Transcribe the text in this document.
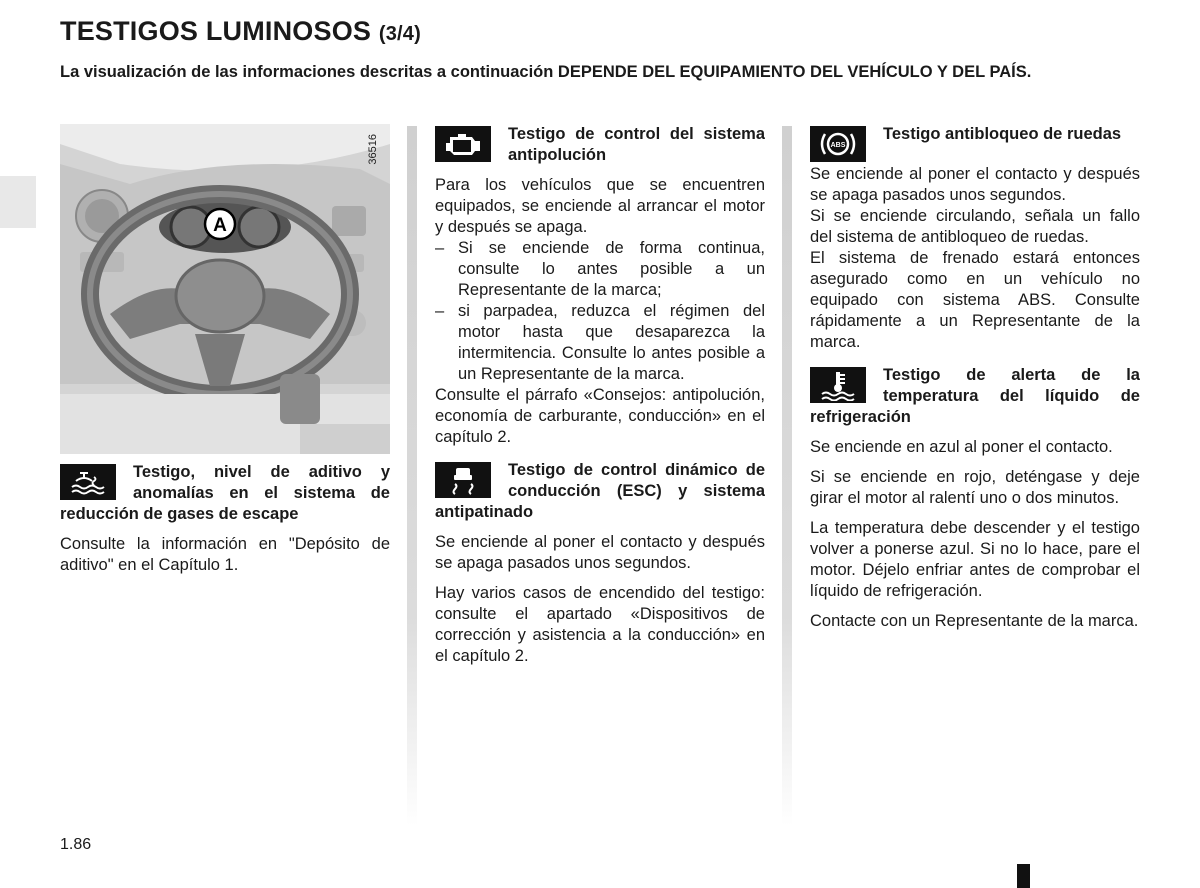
TESTIGOS LUMINOSOS (3/4)

La visualización de las informaciones descritas a continuación DEPENDE DEL EQUIPAMIENTO DEL VEHÍCULO Y DEL PAÍS.

A
36516
Testigo, nivel de aditivo y anomalías en el sistema de reducción de gases de escape

Consulte la información en "Depósito de aditivo" en el Capítulo 1.

Testigo de control del sistema antipolución

Para los vehículos que se encuentren equipados, se enciende al arrancar el motor y después se apaga.

– Si se enciende de forma continua, consulte lo antes posible a un Representante de la marca;
– si parpadea, reduzca el régimen del motor hasta que desaparezca la intermitencia. Consulte lo antes posible a un Representante de la marca.

Consulte el párrafo «Consejos: antipolución, economía de carburante, conducción» en el capítulo 2.

Testigo de control dinámico de conducción (ESC) y sistema antipatinado

Se enciende al poner el contacto y después se apaga pasados unos segundos.

Hay varios casos de encendido del testigo: consulte el apartado «Dispositivos de corrección y asistencia a la conducción» en el capítulo 2.

ABS
Testigo antibloqueo de ruedas

Se enciende al poner el contacto y después se apaga pasados unos segundos.

Si se enciende circulando, señala un fallo del sistema de antibloqueo de ruedas.

El sistema de frenado estará entonces asegurado como en un vehículo no equipado con sistema ABS. Consulte rápidamente a un Representante de la marca.

Testigo de alerta de la temperatura del líquido de refrigeración

Se enciende en azul al poner el contacto.

Si se enciende en rojo, deténgase y deje girar el motor al ralentí uno o dos minutos.

La temperatura debe descender y el testigo volver a ponerse azul. Si no lo hace, pare el motor. Déjelo enfriar antes de comprobar el líquido de refrigeración.

Contacte con un Representante de la marca.

1.86
